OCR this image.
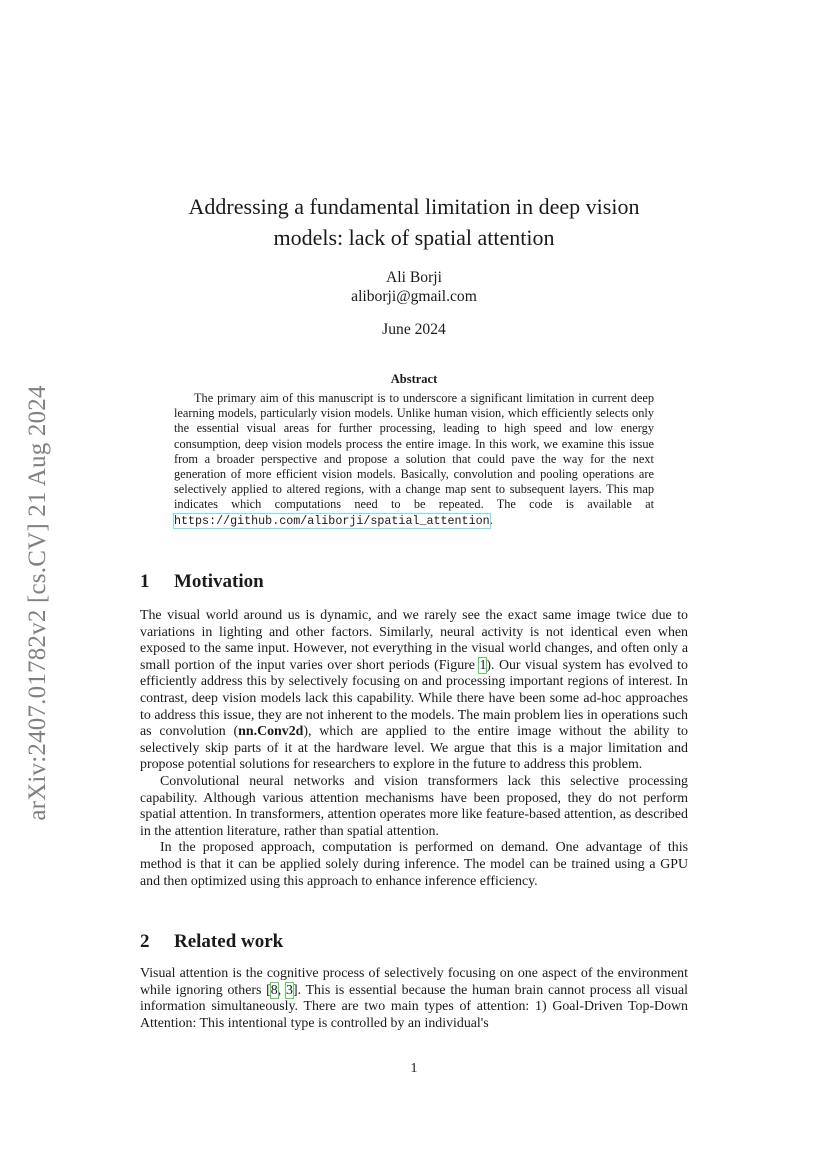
arXiv:2407.01782v2 [cs.CV] 21 Aug 2024
Addressing a fundamental limitation in deep vision
models: lack of spatial attention
Ali Borji
aliborji@gmail.com
June 2024
Abstract

The primary aim of this manuscript is to underscore a significant limitation in current deep learning models, particularly vision models. Unlike human vision, which efficiently selects only the essential visual areas for further processing, leading to high speed and low energy consumption, deep vision models process the entire image. In this work, we examine this issue from a broader perspective and propose a solution that could pave the way for the next generation of more efficient vision models. Basically, convolution and pooling operations are selectively applied to altered regions, with a change map sent to subsequent layers. This map indicates which computations need to be repeated. The code is available at https://github.com/aliborji/spatial_attention.

1 Motivation

The visual world around us is dynamic, and we rarely see the exact same image twice due to variations in lighting and other factors. Similarly, neural activity is not identical even when exposed to the same input. However, not everything in the visual world changes, and often only a small portion of the input varies over short periods (Figure 1). Our visual system has evolved to efficiently address this by selectively focusing on and processing important regions of interest. In contrast, deep vision models lack this capability. While there have been some ad-hoc approaches to address this issue, they are not inherent to the models. The main problem lies in operations such as convolution (nn.Conv2d), which are applied to the entire image without the ability to selectively skip parts of it at the hardware level. We argue that this is a major limitation and propose potential solutions for researchers to explore in the future to address this problem.

Convolutional neural networks and vision transformers lack this selective processing capability. Although various attention mechanisms have been proposed, they do not perform spatial attention. In transformers, attention operates more like feature-based attention, as described in the attention literature, rather than spatial attention.

In the proposed approach, computation is performed on demand. One advantage of this method is that it can be applied solely during inference. The model can be trained using a GPU and then optimized using this approach to enhance inference efficiency.

2 Related work

Visual attention is the cognitive process of selectively focusing on one aspect of the environment while ignoring others [8, 3]. This is essential because the human brain cannot process all visual information simultaneously. There are two main types of attention: 1) Goal-Driven Top-Down Attention: This intentional type is controlled by an individual's

1
